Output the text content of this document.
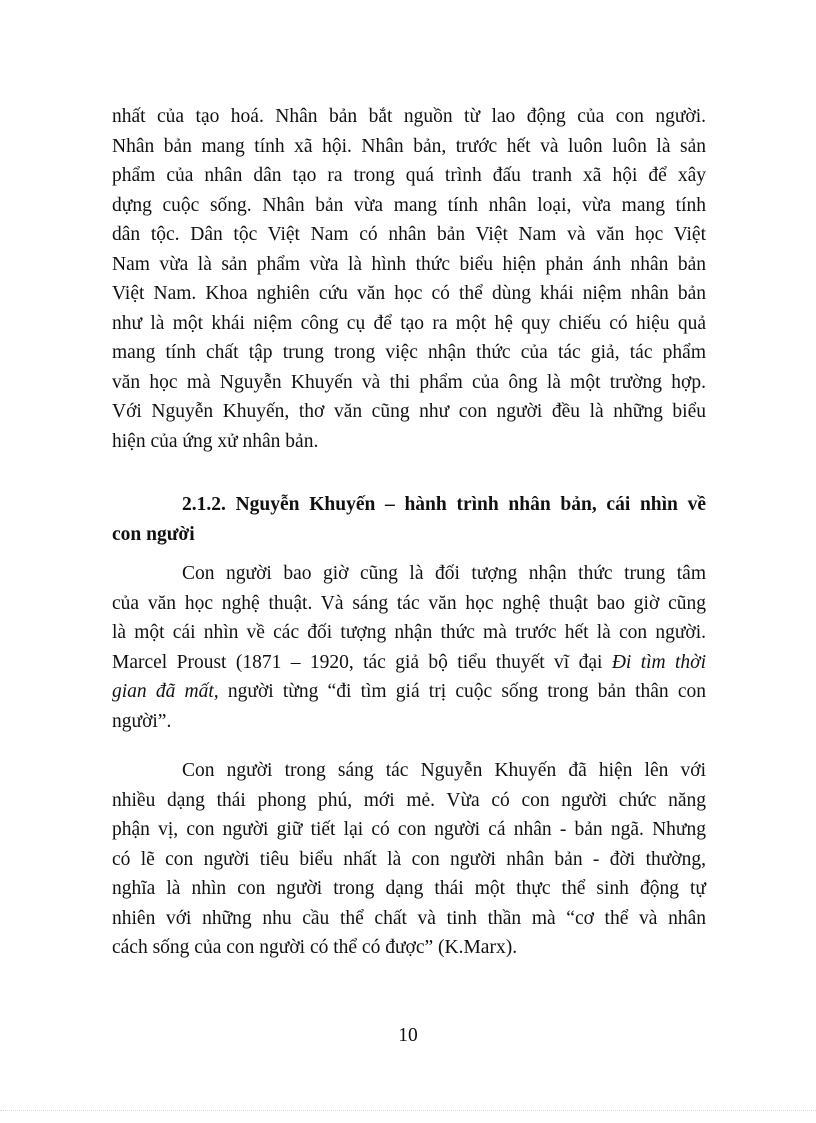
nhất của tạo hoá. Nhân bản bắt nguồn từ lao động của con người.
Nhân bản mang tính xã hội. Nhân bản, trước hết và luôn luôn là sản
phẩm của nhân dân tạo ra trong quá trình đấu tranh xã hội để xây
dựng cuộc sống. Nhân bản vừa mang tính nhân loại, vừa mang tính
dân tộc. Dân tộc Việt Nam có nhân bản Việt Nam và văn học Việt
Nam vừa là sản phẩm vừa là hình thức biểu hiện phản ánh nhân bản
Việt Nam. Khoa nghiên cứu văn học có thể dùng khái niệm nhân bản
như là một khái niệm công cụ để tạo ra một hệ quy chiếu có hiệu quả
mang tính chất tập trung trong việc nhận thức của tác giả, tác phẩm
văn học mà Nguyễn Khuyến và thi phẩm của ông là một trường hợp.
Với Nguyễn Khuyến, thơ văn cũng như con người đều là những biểu
hiện của ứng xử nhân bản.
2.1.2. Nguyễn Khuyến – hành trình nhân bản, cái nhìn về
con người
Con người bao giờ cũng là đối tượng nhận thức trung tâm
của văn học nghệ thuật. Và sáng tác văn học nghệ thuật bao giờ cũng
là một cái nhìn về các đối tượng nhận thức mà trước hết là con người.
Marcel Proust (1871 – 1920, tác giả bộ tiểu thuyết vĩ đại Đi tìm thời
gian đã mất, người từng “đi tìm giá trị cuộc sống trong bản thân con
người”.
Con người trong sáng tác Nguyễn Khuyến đã hiện lên với
nhiều dạng thái phong phú, mới mẻ. Vừa có con người chức năng
phận vị, con người giữ tiết lại có con người cá nhân - bản ngã. Nhưng
có lẽ con người tiêu biểu nhất là con người nhân bản - đời thường,
nghĩa là nhìn con người trong dạng thái một thực thể sinh động tự
nhiên với những nhu cầu thể chất và tinh thần mà “cơ thể và nhân
cách sống của con người có thể có được” (K.Marx).
10
